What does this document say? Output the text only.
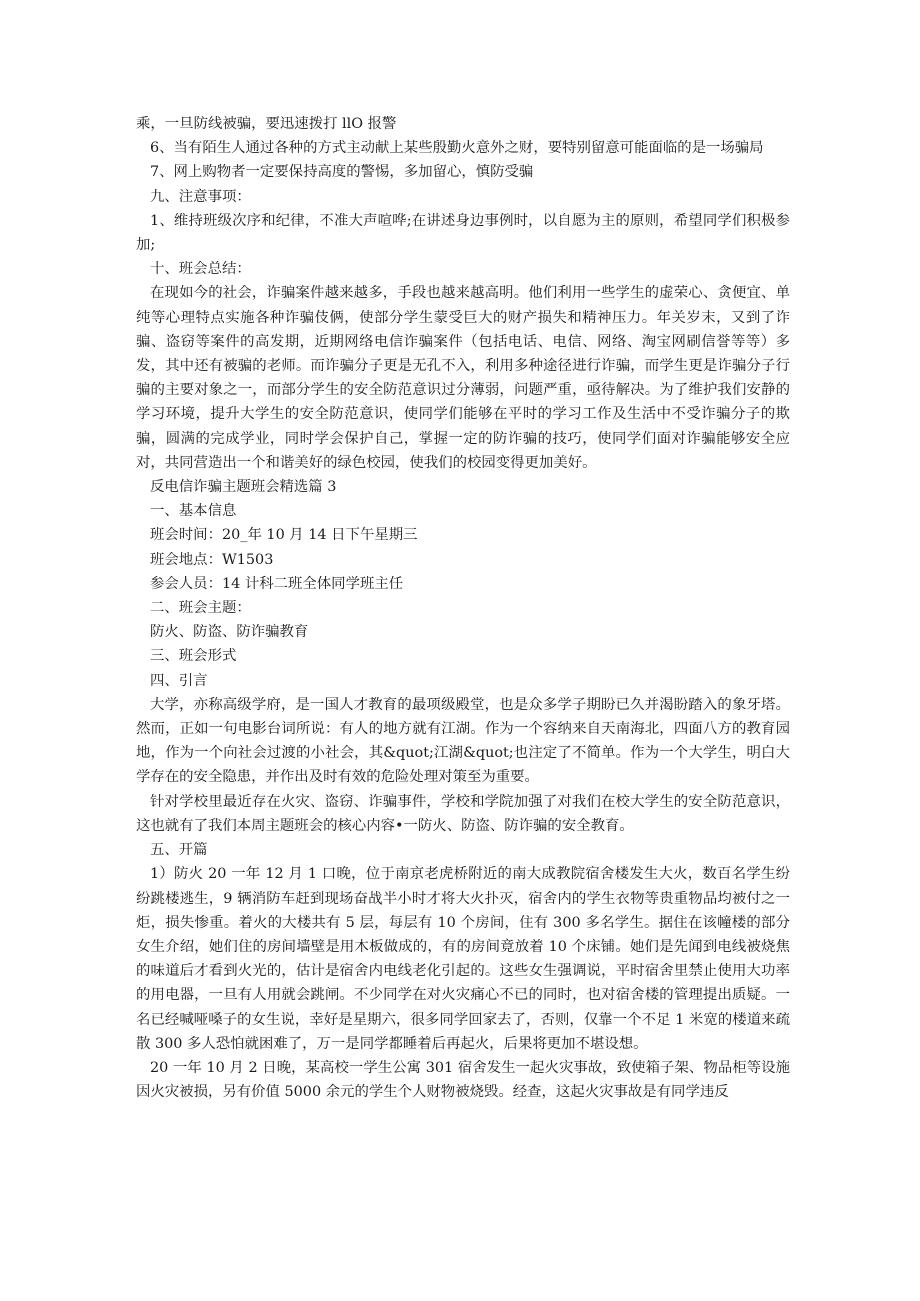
乘，一旦防线被骗，要迅速拨打 llO 报警

6、当有陌生人通过各种的方式主动献上某些殷勤火意外之财，要特别留意可能面临的是一场骗局

7、网上购物者一定要保持高度的警惕，多加留心，慎防受骗

九、注意事项：

1、维持班级次序和纪律，不准大声喧哗;在讲述身边事例时，以自愿为主的原则，希望同学们积极参加;

十、班会总结：

在现如今的社会，诈骗案件越来越多，手段也越来越高明。他们利用一些学生的虚荣心、贪便宜、单纯等心理特点实施各种诈骗伎俩，使部分学生蒙受巨大的财产损失和精神压力。年关岁末，又到了诈骗、盗窃等案件的高发期，近期网络电信诈骗案件（包括电话、电信、网络、淘宝网刷信誉等等）多发，其中还有被骗的老师。而诈骗分子更是无孔不入，利用多种途径进行诈骗，而学生更是诈骗分子行骗的主要对象之一，而部分学生的安全防范意识过分薄弱，问题严重，亟待解决。为了维护我们安静的学习环境，提升大学生的安全防范意识，使同学们能够在平时的学习工作及生活中不受诈骗分子的欺骗，圆满的完成学业，同时学会保护自己，掌握一定的防诈骗的技巧，使同学们面对诈骗能够安全应对，共同营造出一个和谐美好的绿色校园，使我们的校园变得更加美好。

反电信诈骗主题班会精选篇 3

一、基本信息

班会时间：20_年 10 月 14 日下午星期三

班会地点：W1503

参会人员：14 计科二班全体同学班主任

二、班会主题：

防火、防盗、防诈骗教育

三、班会形式

四、引言

大学，亦称高级学府，是一国人才教育的最项级殿堂，也是众多学子期盼已久并渴盼踏入的象牙塔。然而，正如一句电影台词所说：有人的地方就有江湖。作为一个容纳来自天南海北，四面八方的教育园地，作为一个向社会过渡的小社会，其&quot;江湖&quot;也注定了不简单。作为一个大学生，明白大学存在的安全隐患，并作出及时有效的危险处理对策至为重要。

针对学校里最近存在火灾、盗窃、诈骗事件，学校和学院加强了对我们在校大学生的安全防范意识，这也就有了我们本周主题班会的核心内容•一防火、防盗、防诈骗的安全教育。

五、开篇

1）防火 20 一年 12 月 1 口晚，位于南京老虎桥附近的南大成教院宿舍楼发生大火，数百名学生纷纷跳楼逃生，9 辆消防车赶到现场奋战半小时才将大火扑灭，宿舍内的学生衣物等贵重物品均被付之一炬，损失惨重。着火的大楼共有 5 层，每层有 10 个房间，住有 300 多名学生。据住在该幢楼的部分女生介绍，她们住的房间墙壁是用木板做成的，有的房间竟放着 10 个床铺。她们是先闻到电线被烧焦的味道后才看到火光的，估计是宿舍内电线老化引起的。这些女生强调说，平时宿舍里禁止使用大功率的用电器，一旦有人用就会跳闸。不少同学在对火灾痛心不已的同时，也对宿舍楼的管理提出质疑。一名已经喊哑嗓子的女生说，幸好是星期六，很多同学回家去了，否则，仅靠一个不足 1 米宽的楼道来疏散 300 多人恐怕就困难了，万一是同学都睡着后再起火，后果将更加不堪设想。

20 一年 10 月 2 日晚，某高校一学生公寓 301 宿舍发生一起火灾事故，致使箱子架、物品柜等设施因火灾被损，另有价值 5000 余元的学生个人财物被烧毁。经查，这起火灾事故是有同学违反
